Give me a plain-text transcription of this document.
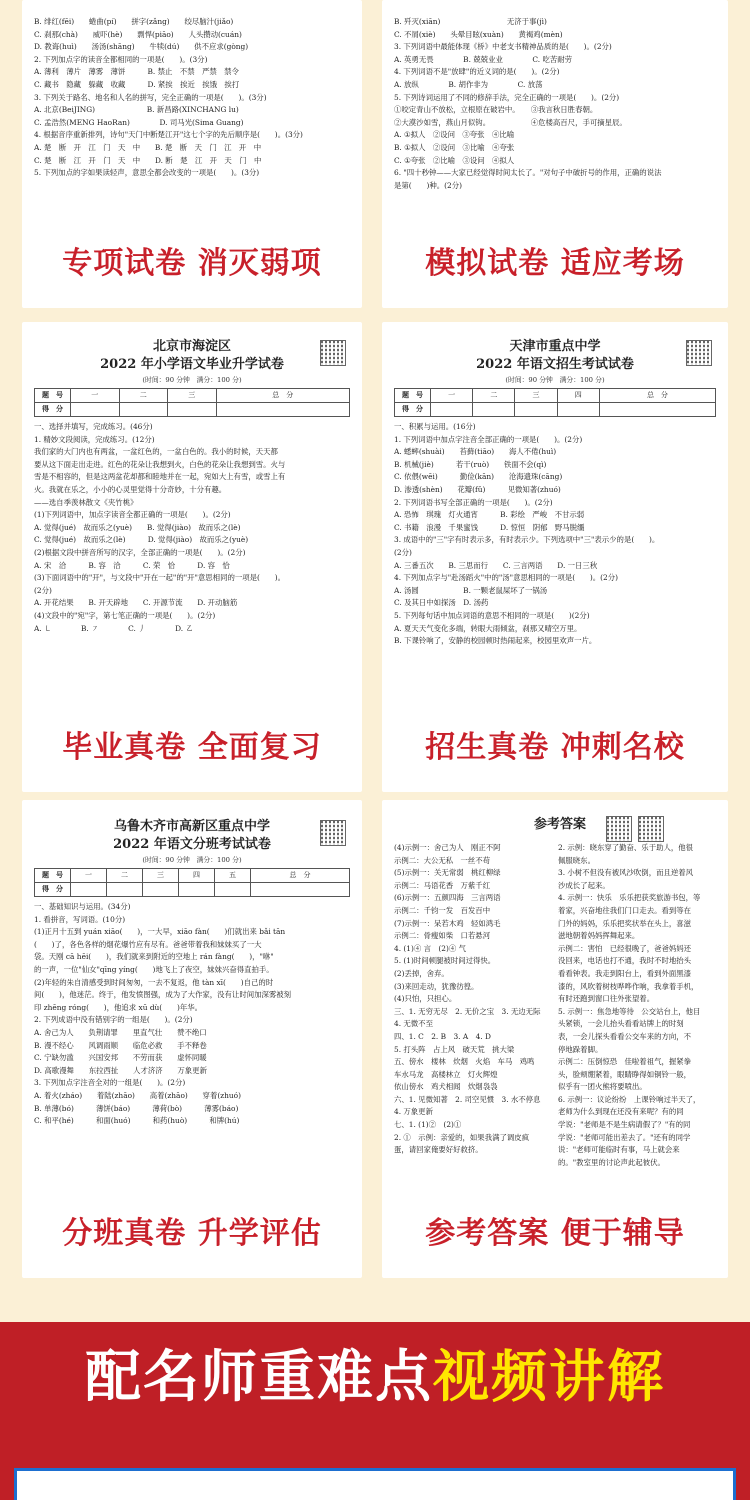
B. 绯红(fēi)　　蜷曲(pí)　　拼字(zǎng)　　绞尽脑汁(jiǎo)
C. 刹那(chà)　　威吓(hè)　　剽悍(piāo)　　人头攒动(cuán)
D. 教诲(huì)　　汤汤(shāng)　　牛犊(dú)　　供不应求(gòng)
2. 下列加点字的读音全都相同的一项是(　　)。(3分)
A. 薄利　薄片　薄雾　薄饼　　　B. 禁止　不禁　严禁　禁令
C. 藏书　隐藏　躲藏　收藏　　　D. 紧挨　挨近　挨饿　挨打
3. 下列关于路名、地名和人名的拼写，完全正确的一项是(　　)。(3分)
A. 北京(BeiJING)　　　　　　　B. 新昌路(XINCHANG lu)
C. 孟浩然(MENG HaoRan)　　　　D. 司马光(Sima Guang)
4. 根据音序重新排列，诗句"天门中断楚江开"这七个字的先后顺序是(　　)。(3分)
A. 楚　断　开　江　门　天　中　　B. 楚　断　天　门　江　开　中
C. 楚　断　江　开　门　天　中　　D. 断　楚　江　开　天　门　中
5. 下列加点的字如果读轻声，意思全都会改变的一项是(　　)。(3分)
专项试卷 消灭弱项
B. 歼灭(xiān)　　　　　　　　　无济于事(jì)
C. 不屑(xiè)　　头晕目眩(xuàn)　　黄褐鸡(mèn)
3. 下列词语中最能体现《桥》中老支书精神品质的是(　　)。(2分)
A. 英勇无畏　　　　B. 兢兢业业　　　　C. 吃苦耐劳
4. 下列词语不是"放肆"的近义词的是(　　)。(2分)
A. 放纵　　　　B. 胡作非为　　　　C. 放荡
5. 下列诗词运用了不同的修辞手法，完全正确的一项是(　　)。(2分)
①咬定青山不放松，立根原在破岩中。　　③我言秋日胜春朝。
②大漠沙如雪，燕山月似钩。　　　　　　④危楼高百尺，手可摘星辰。
A. ①拟人　②设问　③夸张　④比喻
B. ①拟人　②设问　③比喻　④夸张
C. ①夸张　②比喻　③设问　④拟人
6. "四十秒钟——大家已经觉得时间太长了。"对句子中破折号的作用，正确的说法
是第(　　)种。(2分)
模拟试卷 适应考场
北京市海淀区
2022 年小学语文毕业升学试卷
(时间：90 分钟　满分：100 分)
题　号	一	二	三	总　分
得　分				
一、选择并填写，完成练习。(46分)
1. 精妙文段阅读，完成练习。(12分)
我们家的大门内也有两盆，一盆红色的，一盆白色的。我小的时候，天天都
要从这下面走出走进。红色的花朵让我想到火，白色的花朵让我想到雪。火与
雪是不相容的，但是这两盆花却都和睦地并在一起，宛如大上有雪，或雪上有
火。我就在乐之，小小的心灵里觉得十分奇妙，十分有趣。
——选自季羡林散文《夹竹桃》
(1)下列词语中，加点字读音全都正确的一项是(　　)。(2分)
A. 觉得(jué)　故而乐之(yuè)　　B. 觉得(jiào)　故而乐之(lè)
C. 觉得(jué)　故而乐之(lè)　　　D. 觉得(jiào)　故而乐之(yuè)
(2)根据文段中拼音所写的汉字，全部正确的一项是(　　)。(2分)
A. 宋　洽　　　B. 容　洽　　　C. 荣　恰　　　D. 容　恰
(3)下面词语中的"开"，与文段中"开在一起"的"开"意思相同的一项是(　　)。
(2分)
A. 开花结果　　B. 开天辟地　　C. 开源节流　　D. 开动脑筋
(4)文段中的"宛"字，第七笔正确的一项是(　　)。(2分)
A. ㇄　　　　B. ㇇　　　　C. 丿　　　　D. ㇠
毕业真卷 全面复习
天津市重点中学
2022 年语文招生考试试卷
(时间：90 分钟　满分：100 分)
题　号	一	二	三	四	总　分
得　分					
一、积累与运用。(16分)
1. 下列词语中加点字注音全部正确的一项是(　　)。(2分)
A. 蟋蟀(shuài)　　苔藓(tiāo)　　海人不倦(huì)
B. 机械(jiè)　　　若干(ruò)　　铁面不会(qì)
C. 依偎(wēi)　　　勤俭(kān)　　沧海遗珠(cāng)
D. 渗透(shèn)　　花瓣(fǔ)　　　见微知著(zhuó)
2. 下列词语书写全部正确的一项是(　　)。(2分)
A. 恐怖　琪瑰　灯火通宵　　　B. 彩绘　严峻　不甘示弱
C. 书籍　浪漫　千果蜜饯　　　D. 惊恒　阴郁　野马脱缰
3. 成语中的"三"字有时表示多，有时表示少。下列选项中"三"表示少的是(　　)。
(2分)
A. 三番五次　　B. 三思而行　　C. 三言两语　　D. 一日三秋
4. 下列加点字与"赴汤蹈火"中的"汤"意思相同的一项是(　　)。(2分)
A. 汤圆　　　　　　B. 一颗老鼠屎坏了一锅汤
C. 及其日中如探汤　D. 汤药
5. 下列每句话中加点词语的意思不相同的一项是(　　)(2分)
A. 夏天天气变化多端，转眼大雨倾盆，刹那又晴空万里。
B. 下课铃响了，安静的校园顿时热闹起来，校园里欢声一片。
招生真卷 冲刺名校
乌鲁木齐市高新区重点中学
2022 年语文分班考试试卷
(时间：90 分钟　满分：100 分)
题　号	一	二	三	四	五	总　分
得　分						
一、基础知识与运用。(34分)
1. 看拼音，写词语。(10分)
(1)正月十五到 yuán xiāo(　　)，一大早，xiāo fàn(　　)们就出来 bǎi tān
(　　)了，各色各样的烟花爆竹应有尽有。爸爸带着我和妹妹买了一大
袋。天刚 cā hēi(　　)，我们就来到附近的空地上 rán fàng(　　)，"咻"
的一声，一位"仙女"qīng yíng(　　)地飞上了夜空，妹妹兴奋得直拍手。
(2)年轻的朱自清感受到时间匆匆，一去不复返，他 tàn xī(　　)自己的时
间(　　)，他迷茫。终于，他发愤图强，成为了大作家，没有让时间加深雾被刻
印 zhēng róng(　　)，他追求 xū dù(　　)年华。
2. 下列成语中没有错别字的一组是(　　)。(2分)
A. 舍己为人　　负荆请罪　　里直气壮　　赞不绝口
B. 漫不经心　　风调雨顺　　临危必救　　手不释卷
C. 宁缺勿滥　　兴国安邦　　不劳而获　　虚怀同暖
D. 高歌漫舞　　东拉西扯　　人才济济　　万象更新
3. 下列加点字注音全对的一组是(　　)。(2分)
A. 着火(zháo)　　着陆(zhāo)　　高着(zhāo)　　穿着(zhuó)
B. 单薄(bó)　　　薄饼(báo)　　　薄荷(bò)　　　薄雾(báo)
C. 和平(hé)　　　和面(huó)　　　和药(huò)　　　和牌(hú)
分班真卷 升学评估
参考答案
(4)示例一：舍己为人　刚正不阿
示例二：大公无私　一丝不苟
(5)示例一：关无常弱　桃红柳绿
示例二：马语花香　万紫千红
(6)示例一：五颜四海　三言两语
示例二：千钧一发　百发百中
(7)示例一：呆若木鸡　轻如鸿毛
示例二：骨瘦如柴　口若悬河
4. (1)④ 言　(2)④ 气
5. (1)时间顿腿被时间过得快。
(2)丢掉，舍弃。
(3)来回走动，犹豫彷徨。
(4)只怕，只担心。
三、1. 无穷无尽　2. 无价之宝　3. 无边无际
4. 无微不至
四、1. C　2. B　3. A　4. D
5. 打头阵　占上风　破天荒　挑大梁
五、傍水　楼林　炊烟　火焰　车马　鸡鸣
车水马龙　高楼林立　灯火辉煌
依山傍水　鸡犬相闻　炊烟袅袅
六、1. 见微知著　2. 司空见惯　3. 水不停息
4. 万象更新
七、1. (1)②　(2)①
2. ①　示例：亲爱的，如果我满了调皮疯
蛋，请回家俺要好好救挤。
2. 示例：晓东穿了勤奋、乐于助人，他很
佩服晓东。
3. 小树不但没有被风沙吹倒，而且逆着风
沙成长了起来。
4. 示例一：快乐　乐乐把获奖旅游书包，等
着家，兴奋地往我们门口走去。看到等在
门外的妈妈，乐乐把奖状举在头上，喜滋
滋地朝着妈妈挥舞起来。
示例二：害怕　已经很晚了，爸爸妈妈还
没回来，电话也打不通，我时不时地抬头
看看钟表。我走到阳台上，看到外面黑漆
漆的，风吹着树枝哗哗作响，我拿着手机，
有时还跑到窗口往外张望着。
5. 示例一：焦急地等待　公交站台上，他目
头紧锁，一会儿抬头看看站牌上的时刻
表，一会儿探头看看公交车来的方向，不
停地跺着脚。
示例二：压倒惊恐　佳啦着祖气，握紧拳
头，脸颊绷紧着，眼睛睁得如铜铃一般，
似乎有一团火熊将要喷出。
6. 示例一：议论纷纷　上课铃响过半天了，
老师为什么到现在还没有来呢？有的同
学说："老师是不是生病请假了？"有的同
学说："老师可能出差去了。"还有的同学
说："老师可能临时有事，马上就会来
的。"教室里的讨论声此起彼伏。
参考答案 便于辅导
配名师重难点视频讲解
